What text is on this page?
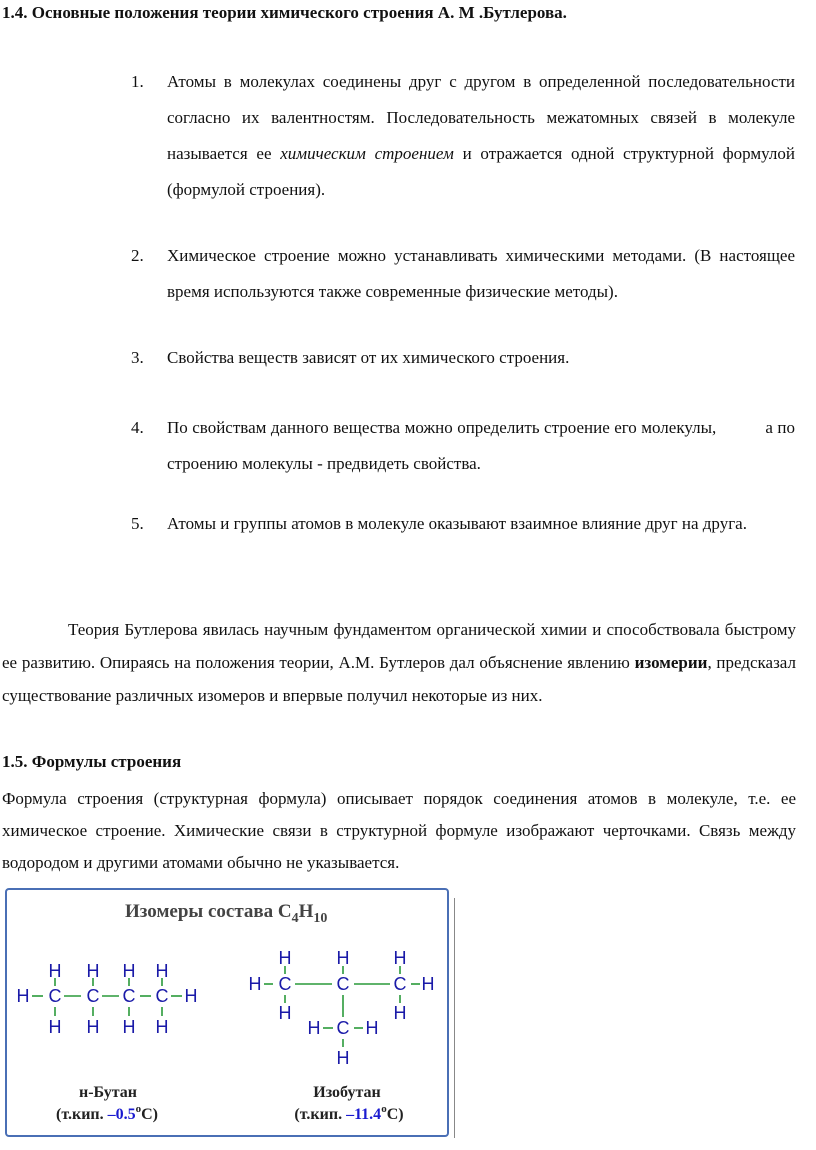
1.4. Основные положения теории химического строения А. М .Бутлерова.
1.	Атомы в молекулах соединены друг с другом в определенной последовательности согласно их валентностям. Последовательность межатомных связей в молекуле называется ее химическим строением и отражается одной структурной формулой (формулой строения).
2.	Химическое строение можно устанавливать химическими методами. (В настоящее время используются также современные физические методы).
3.	Свойства веществ зависят от их химического строения.
4.	По свойствам данного вещества можно определить строение его молекулы,           а по  строению молекулы - предвидеть свойства.
5.	Атомы и группы атомов в молекуле оказывают взаимное влияние друг на друга.
Теория Бутлерова явилась научным фундаментом органической химии и способствовала быстрому ее развитию. Опираясь на положения теории, А.М. Бутлеров дал объяснение явлению изомерии, предсказал существование различных изомеров и впервые получил некоторые из них.
1.5. Формулы строения
Формула строения (структурная формула) описывает порядок соединения атомов в молекуле, т.е. ее химическое строение. Химические связи в структурной формуле изображают черточками. Связь между водородом и другими атомами обычно не указывается.
Изомеры состава $С_4Н_{10}$
Н Н Н Н
Н С С С С Н
Н Н Н Н
Н	Н Н
Н С	С С Н
Н	Н
Н С Н
Н
н-Бутан
(т.кип. –0.5$^o$С)
Изобутан
(т.кип. –11.4$^o$С)
